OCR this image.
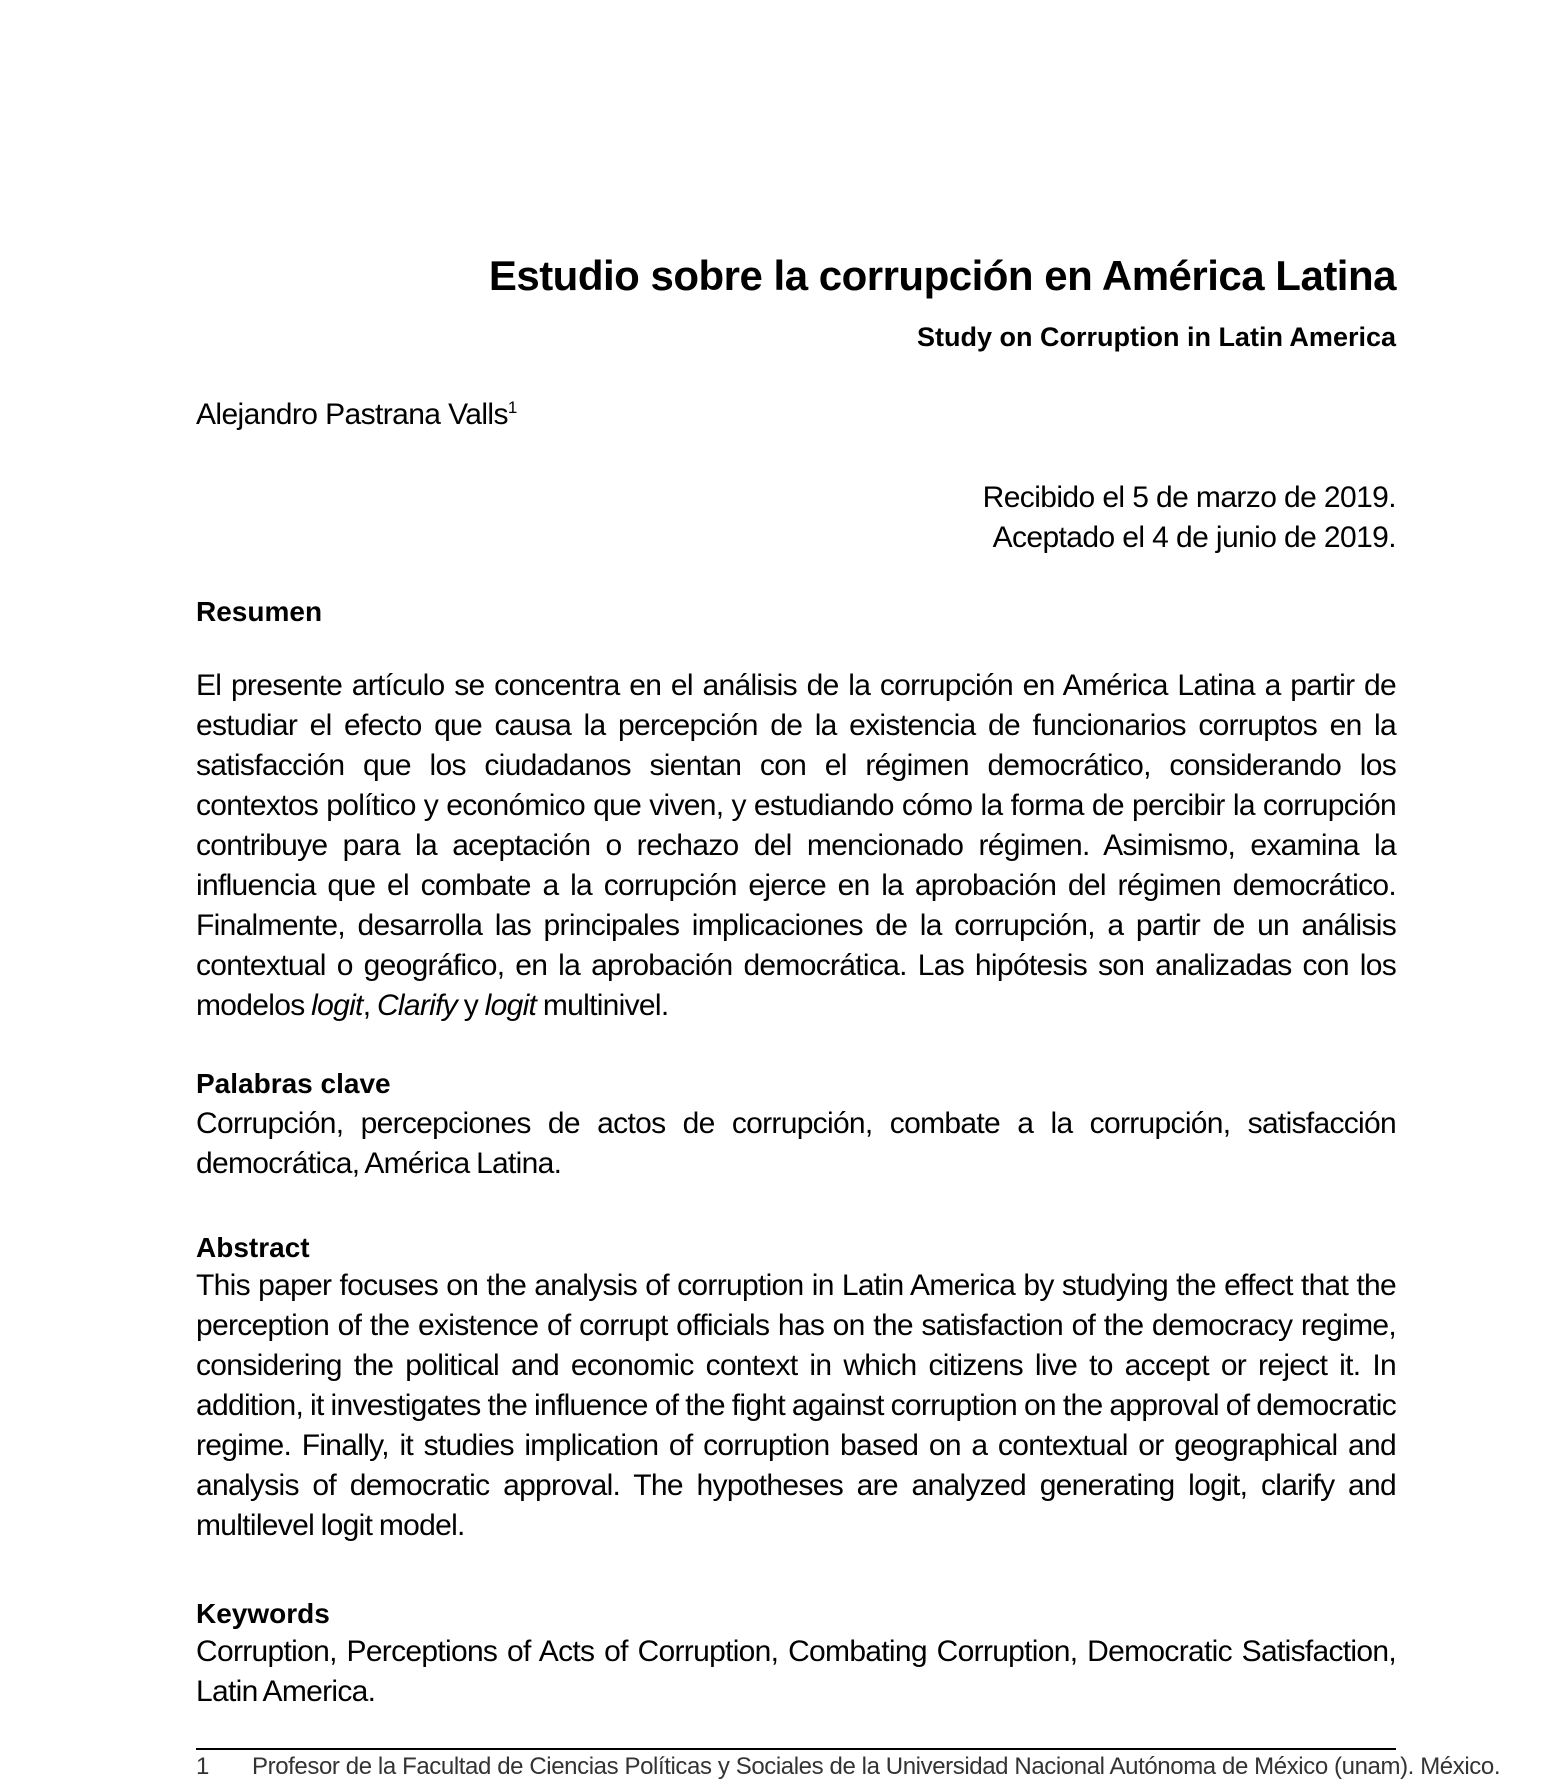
Estudio sobre la corrupción en América Latina
Study on Corruption in Latin America
Alejandro Pastrana Valls$^1$
Recibido el 5 de marzo de 2019.
Aceptado el 4 de junio de 2019.
Resumen
El presente artículo se concentra en el análisis de la corrupción en América Latina a partir de estudiar el efecto que causa la percepción de la existencia de funcionarios corruptos en la satisfacción que los ciudadanos sientan con el régimen democrático, considerando los contextos político y económico que viven, y estudiando cómo la forma de percibir la corrupción contribuye para la aceptación o rechazo del mencionado régimen. Asimismo, examina la influencia que el combate a la corrupción ejerce en la aprobación del régimen democrático. Finalmente, desarrolla las principales implicaciones de la corrupción, a partir de un análisis contextual o geográfico, en la aprobación democrática. Las hipótesis son analizadas con los modelos logit, Clarify y logit multinivel.
Palabras clave
Corrupción, percepciones de actos de corrupción, combate a la corrupción, satisfacción democrática, América Latina.
Abstract
This paper focuses on the analysis of corruption in Latin America by studying the effect that the perception of the existence of corrupt officials has on the satisfaction of the democracy regime, considering the political and economic context in which citizens live to accept or reject it. In addition, it investigates the influence of the fight against corruption on the approval of democratic regime. Finally, it studies implication of corruption based on a contextual or geographical and analysis of democratic approval. The hypotheses are analyzed generating logit, clarify and multilevel logit model.
Keywords
Corruption, Perceptions of Acts of Corruption, Combating Corruption, Democratic Satisfaction, Latin America.
1 Profesor de la Facultad de Ciencias Políticas y Sociales de la Universidad Nacional Autónoma de México (unam). México.
